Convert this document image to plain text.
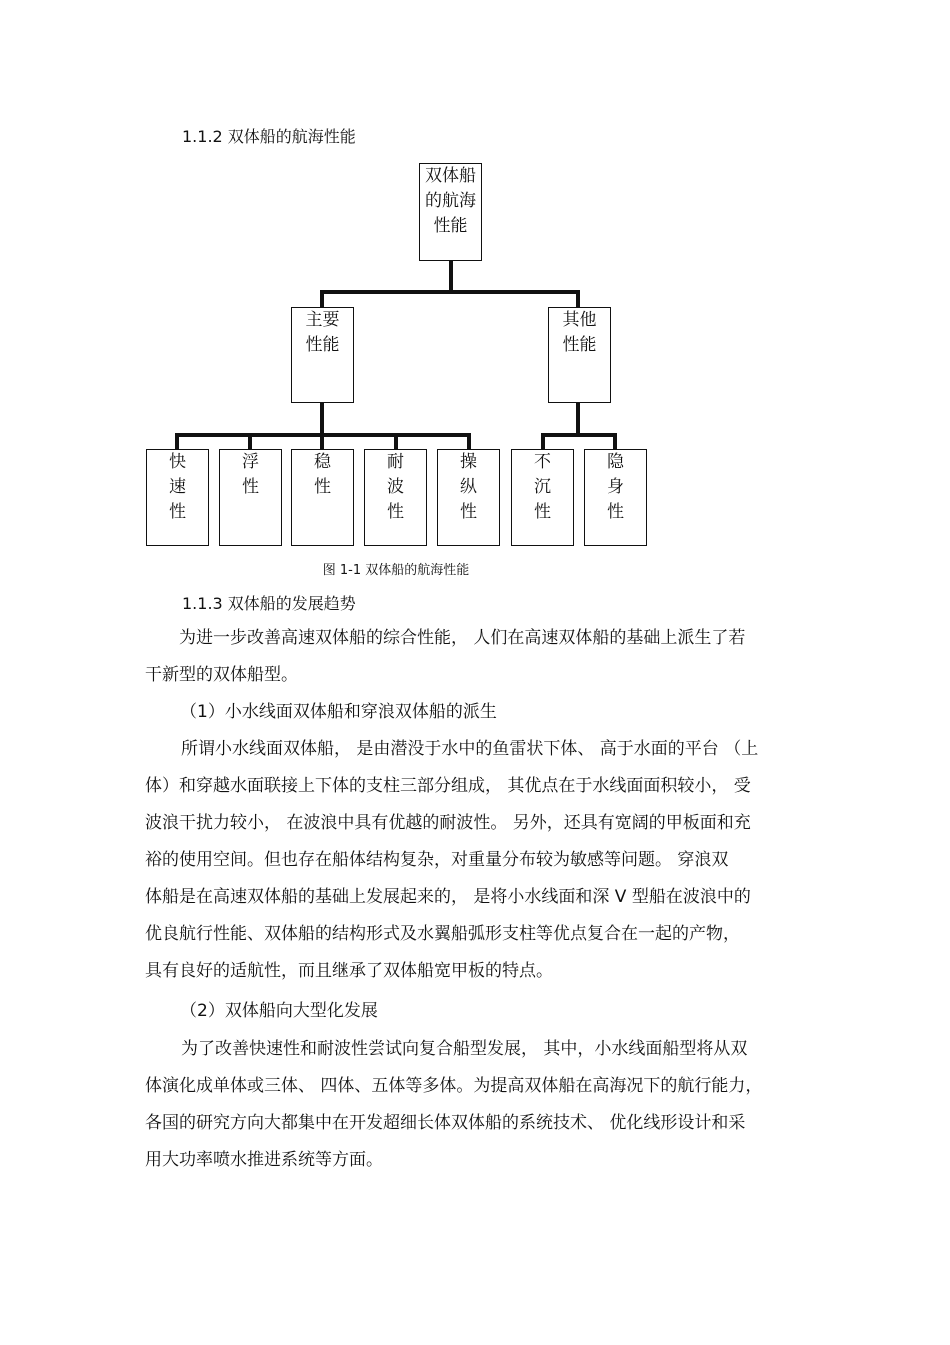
1.1.2 双体船的航海性能
双体船
的航海
性能
主要
性能
其他
性能
快
速
性
浮
性
稳
性
耐
波
性
操
纵
性
不
沉
性
隐
身
性
图 1-1 双体船的航海性能
1.1.3 双体船的发展趋势
为进一步改善高速双体船的综合性能， 人们在高速双体船的基础上派生了若
干新型的双体船型。
（1）小水线面双体船和穿浪双体船的派生
所谓小水线面双体船， 是由潜没于水中的鱼雷状下体、 高于水面的平台 （上
体）和穿越水面联接上下体的支柱三部分组成， 其优点在于水线面面积较小， 受
波浪干扰力较小， 在波浪中具有优越的耐波性。 另外，还具有宽阔的甲板面和充
裕的使用空间。但也存在船体结构复杂，对重量分布较为敏感等问题。 穿浪双
体船是在高速双体船的基础上发展起来的， 是将小水线面和深 V 型船在波浪中的
优良航行性能、双体船的结构形式及水翼船弧形支柱等优点复合在一起的产物，
具有良好的适航性，而且继承了双体船宽甲板的特点。
（2）双体船向大型化发展
为了改善快速性和耐波性尝试向复合船型发展， 其中，小水线面船型将从双
体演化成单体或三体、 四体、五体等多体。为提高双体船在高海况下的航行能力，
各国的研究方向大都集中在开发超细长体双体船的系统技术、 优化线形设计和采
用大功率喷水推进系统等方面。
